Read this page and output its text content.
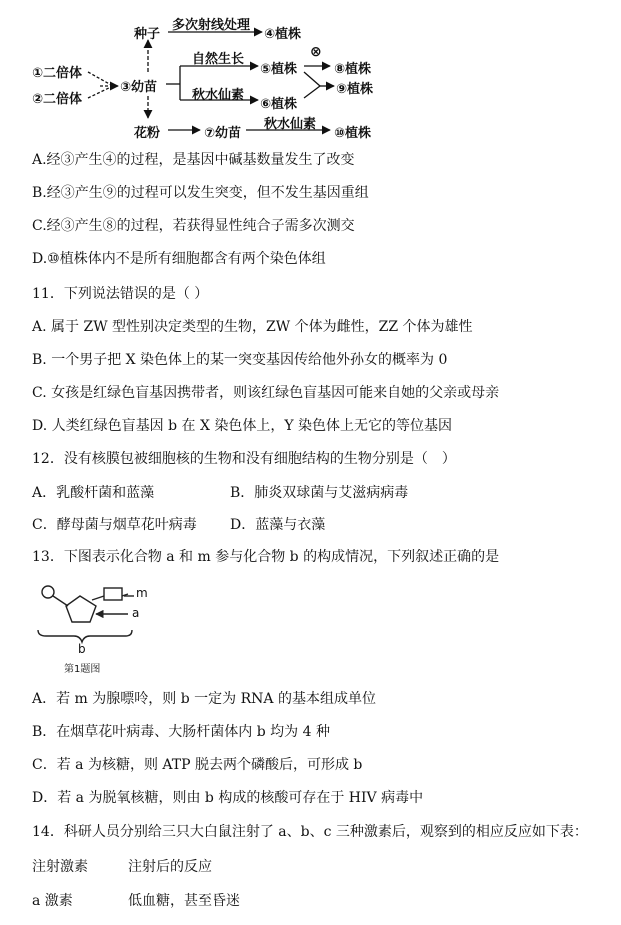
种子
多次射线处理
④植株
①二倍体
②二倍体
③幼苗
自然生长
⑤植株
⊗
⑧植株
⑨植株
秋水仙素
⑥植株
花粉	⑦幼苗
秋水仙素
⑩植株
A.经③产生④的过程，是基因中碱基数量发生了改变
B.经③产生⑨的过程可以发生突变，但不发生基因重组
C.经③产生⑧的过程，若获得显性纯合子需多次测交
D.⑩植株体内不是所有细胞都含有两个染色体组
11．下列说法错误的是（ ）
A. 属于 ZW 型性别决定类型的生物，ZW 个体为雌性，ZZ 个体为雄性
B. 一个男子把 X 染色体上的某一突变基因传给他外孙女的概率为 0
C. 女孩是红绿色盲基因携带者，则该红绿色盲基因可能来自她的父亲或母亲
D. 人类红绿色盲基因 b 在 X 染色体上，Y 染色体上无它的等位基因
12．没有核膜包被细胞核的生物和没有细胞结构的生物分别是（　）
A．乳酸杆菌和蓝藻	B．肺炎双球菌与艾滋病病毒
C．酵母菌与烟草花叶病毒 D．蓝藻与衣藻
13．下图表示化合物 a 和 m 参与化合物 b 的构成情况，下列叙述正确的是
m
a
b
第1题图
A．若 m 为腺嘌呤，则 b 一定为 RNA 的基本组成单位
B．在烟草花叶病毒、大肠杆菌体内 b 均为 4 种
C．若 a 为核糖，则 ATP 脱去两个磷酸后，可形成 b
D．若 a 为脱氧核糖，则由 b 构成的核酸可存在于 HIV 病毒中
14．科研人员分别给三只大白鼠注射了 a、b、c 三种激素后，观察到的相应反应如下表：
注射激素	注射后的反应
a 激素	低血糖，甚至昏迷
